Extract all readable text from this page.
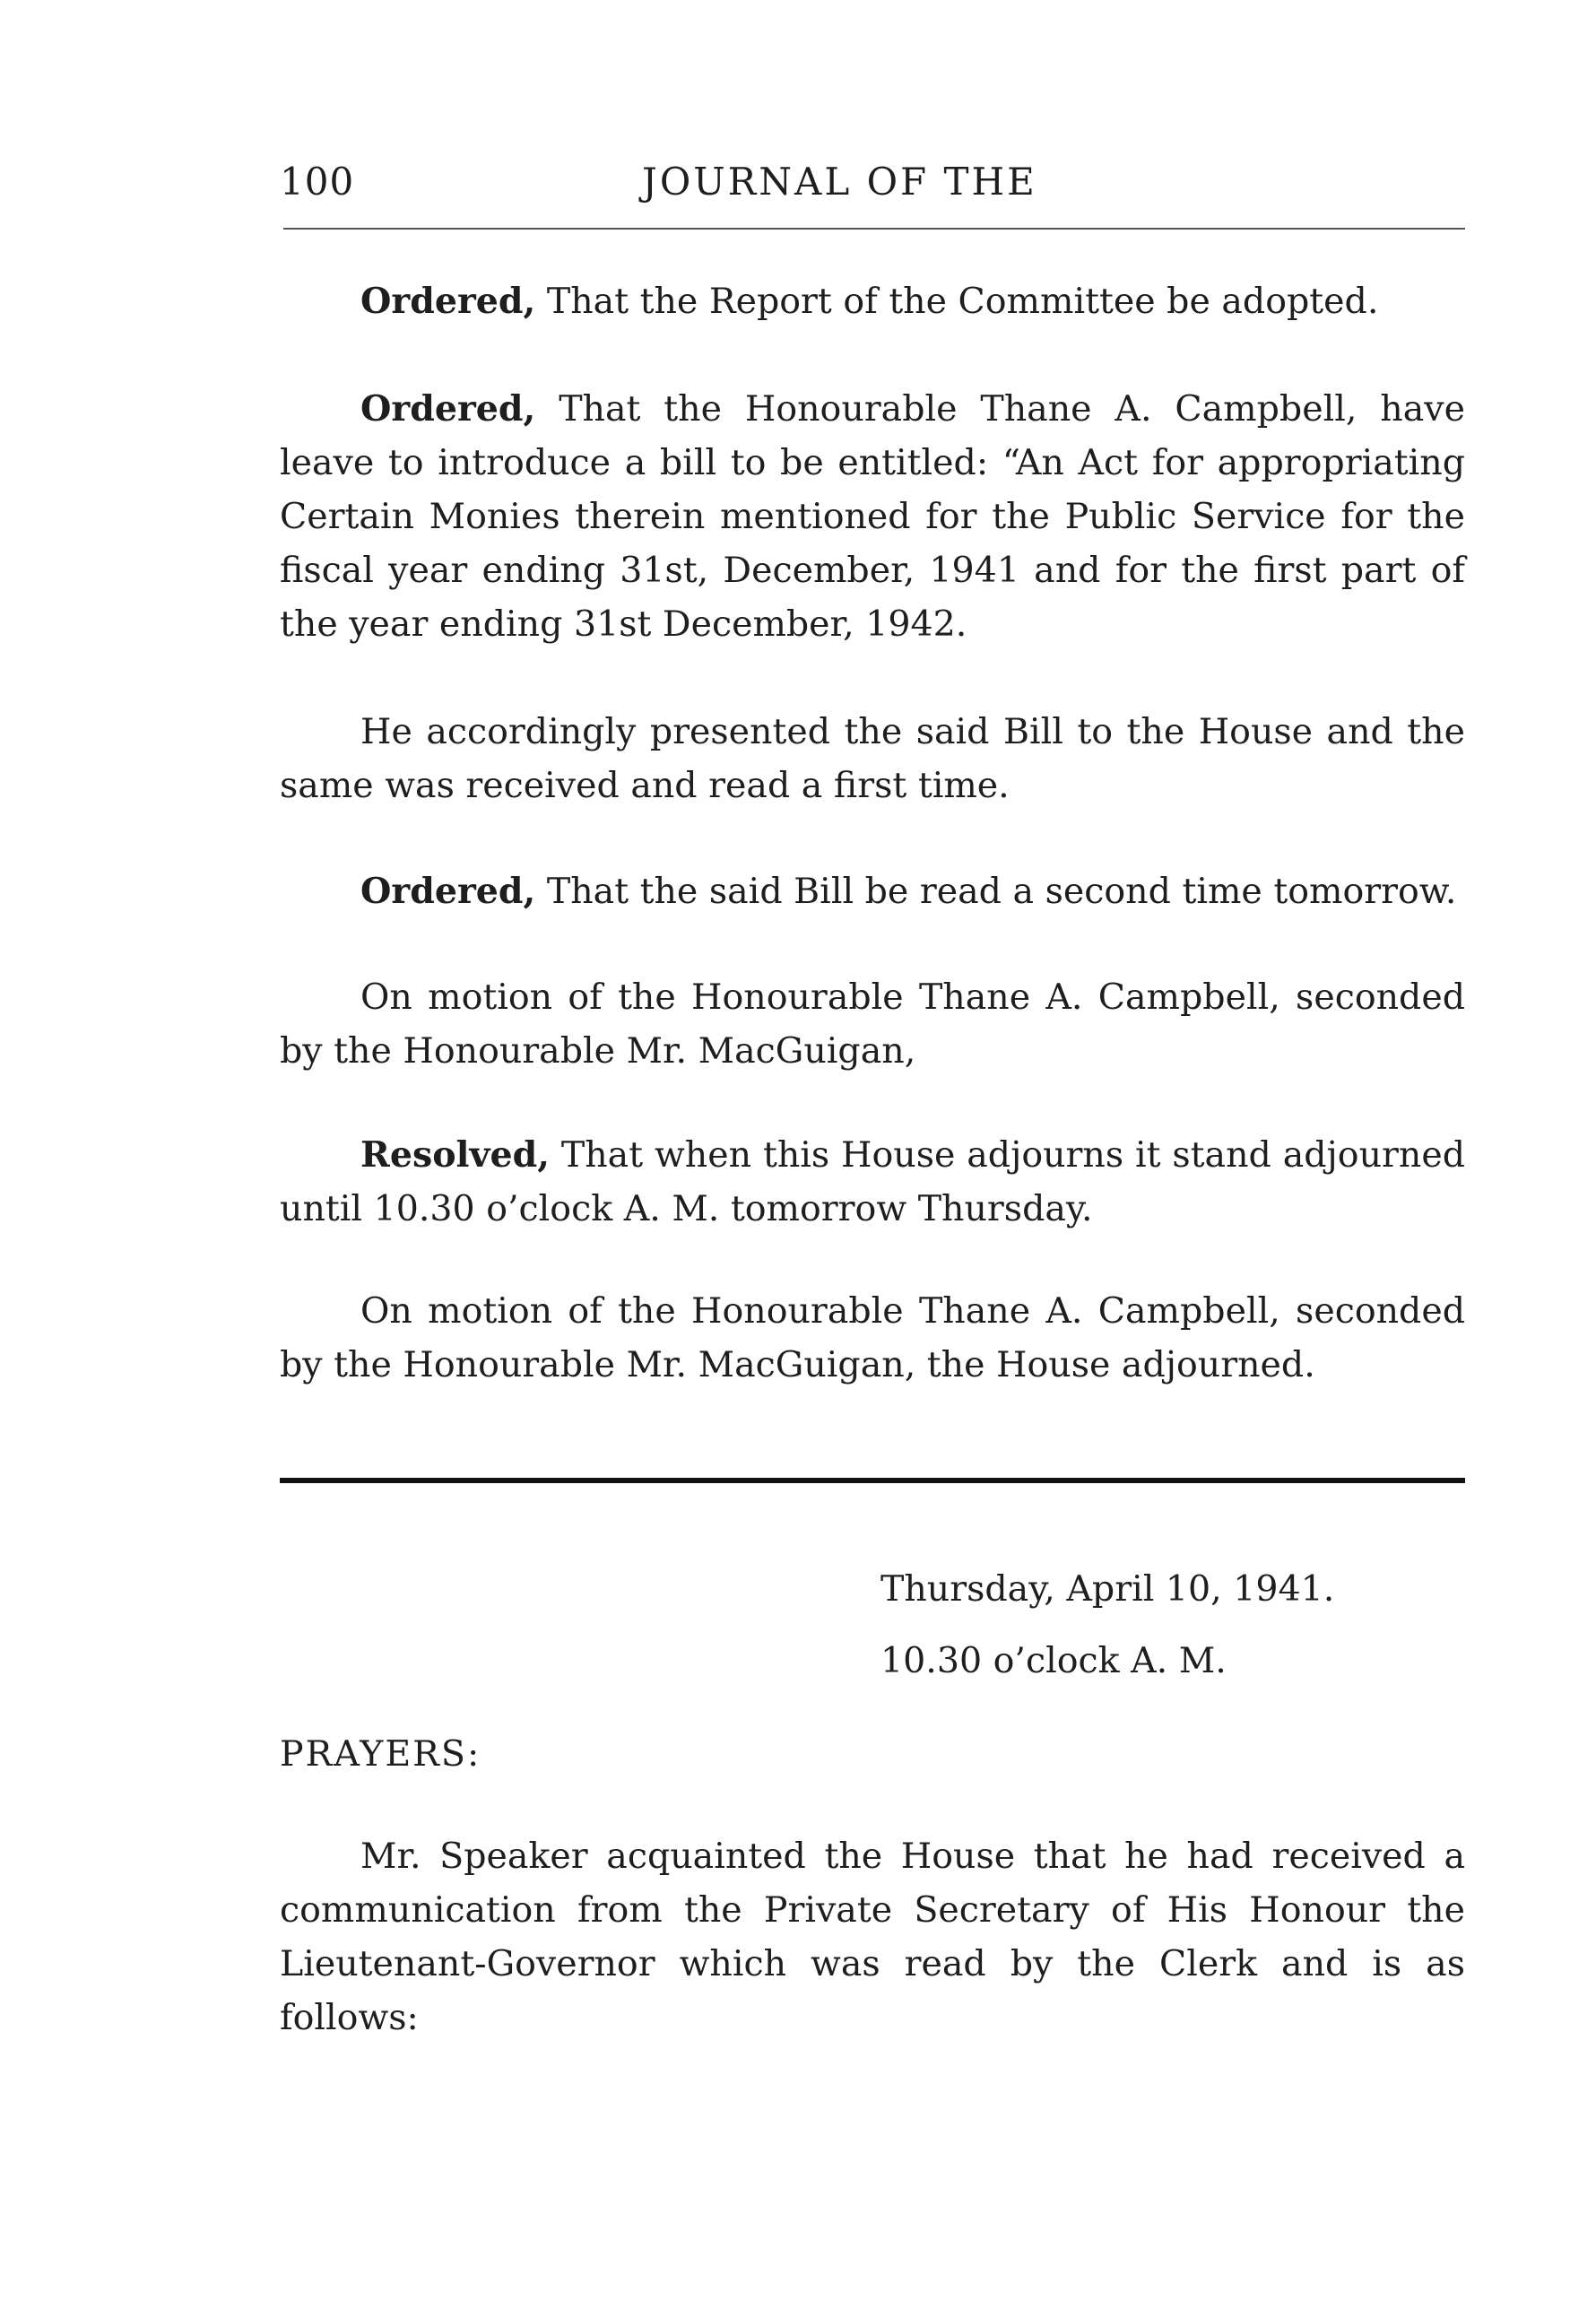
100	JOURNAL OF THE

Ordered, That the Report of the Committee be adopted.

Ordered, That the Honourable Thane A. Campbell, have leave to introduce a bill to be entitled: “An Act for appropriating Certain Monies therein mentioned for the Public Service for the fiscal year ending 31st, December, 1941 and for the first part of the year ending 31st December, 1942.

He accordingly presented the said Bill to the House and the same was received and read a first time.

Ordered, That the said Bill be read a second time tomorrow.

On motion of the Honourable Thane A. Campbell, seconded by the Honourable Mr. MacGuigan,

Resolved, That when this House adjourns it stand adjourned until 10.30 o’clock A. M. tomorrow Thursday.

On motion of the Honourable Thane A. Campbell, seconded by the Honourable Mr. MacGuigan, the House adjourned.

Thursday, April 10, 1941.
10.30 o’clock A. M.
PRAYERS:

Mr. Speaker acquainted the House that he had received a communication from the Private Secretary of His Honour the Lieutenant-Governor which was read by the Clerk and is as follows:
